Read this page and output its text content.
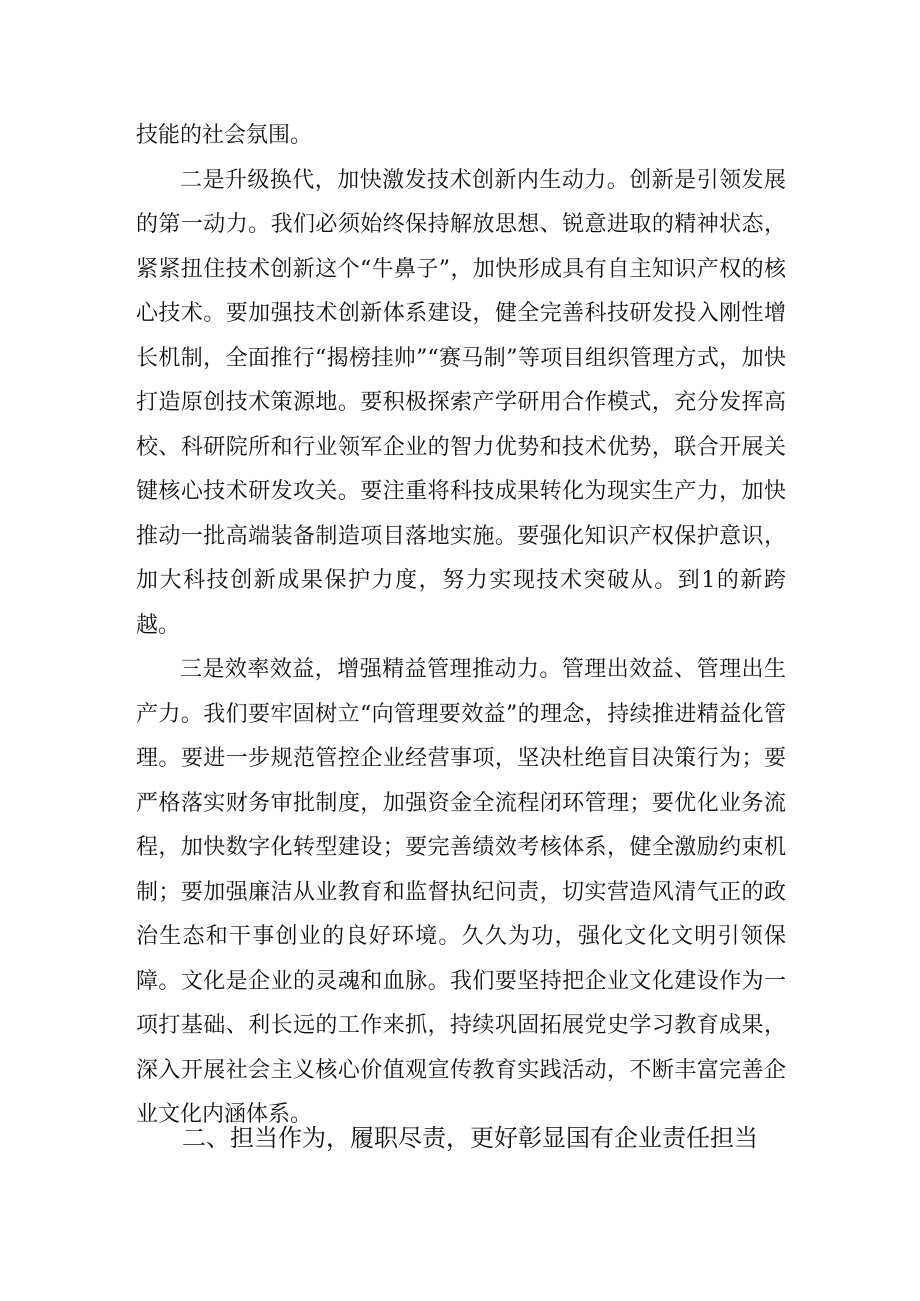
技能的社会氛围。

二是升级换代，加快激发技术创新内生动力。创新是引领发展的第一动力。我们必须始终保持解放思想、锐意进取的精神状态，紧紧扭住技术创新这个“牛鼻子”，加快形成具有自主知识产权的核心技术。要加强技术创新体系建设，健全完善科技研发投入刚性增长机制，全面推行“揭榜挂帅”“赛马制”等项目组织管理方式，加快打造原创技术策源地。要积极探索产学研用合作模式，充分发挥高校、科研院所和行业领军企业的智力优势和技术优势，联合开展关键核心技术研发攻关。要注重将科技成果转化为现实生产力，加快推动一批高端装备制造项目落地实施。要强化知识产权保护意识，加大科技创新成果保护力度，努力实现技术突破从。到1的新跨越。

三是效率效益，增强精益管理推动力。管理出效益、管理出生产力。我们要牢固树立“向管理要效益”的理念，持续推进精益化管理。要进一步规范管控企业经营事项，坚决杜绝盲目决策行为；要严格落实财务审批制度，加强资金全流程闭环管理；要优化业务流程，加快数字化转型建设；要完善绩效考核体系，健全激励约束机制；要加强廉洁从业教育和监督执纪问责，切实营造风清气正的政治生态和干事创业的良好环境。久久为功，强化文化文明引领保障。文化是企业的灵魂和血脉。我们要坚持把企业文化建设作为一项打基础、利长远的工作来抓，持续巩固拓展党史学习教育成果，深入开展社会主义核心价值观宣传教育实践活动，不断丰富完善企业文化内涵体系。

二、担当作为，履职尽责，更好彰显国有企业责任担当
